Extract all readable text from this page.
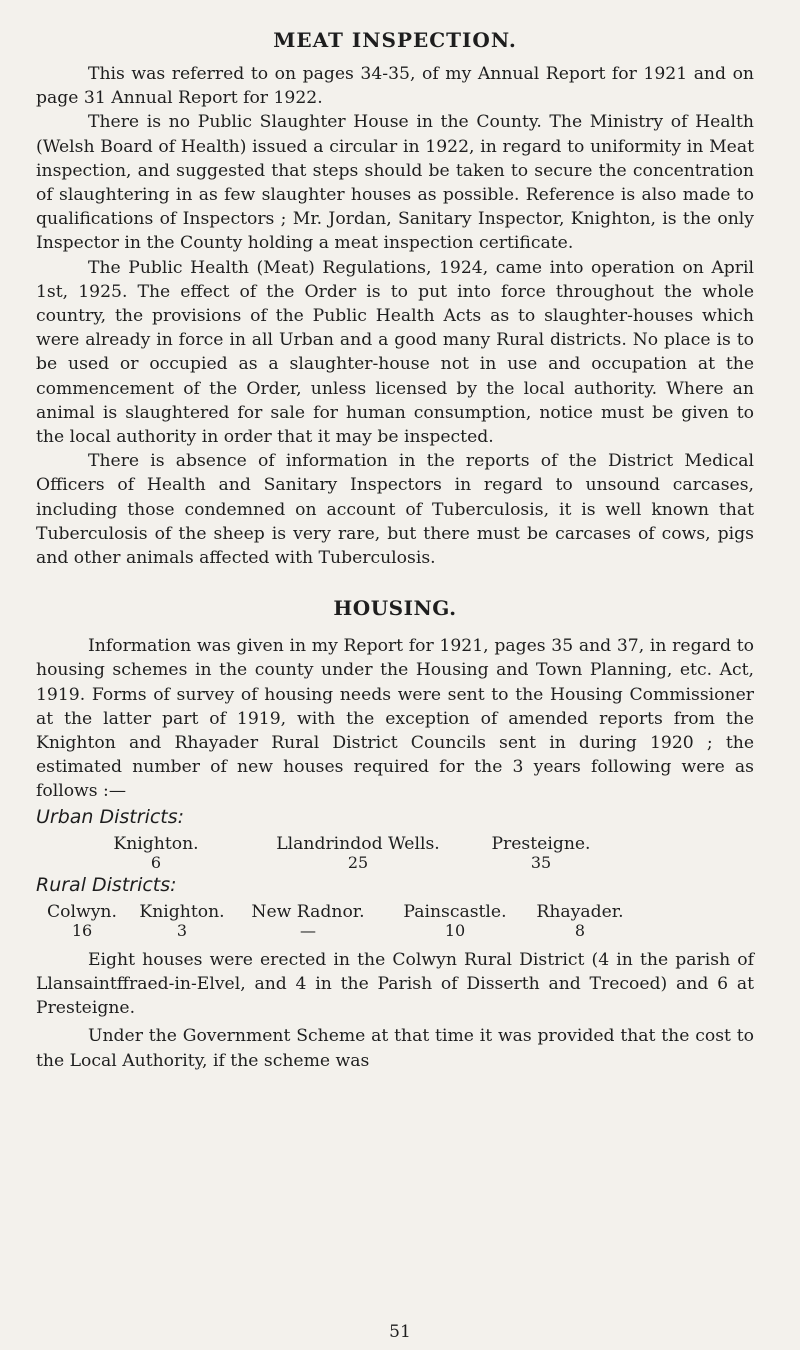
MEAT INSPECTION.

This was referred to on pages 34-35, of my Annual Report for 1921 and on page 31 Annual Report for 1922.

There is no Public Slaughter House in the County. The Ministry of Health (Welsh Board of Health) issued a circular in 1922, in regard to uniformity in Meat inspection, and suggested that steps should be taken to secure the concentration of slaughtering in as few slaughter houses as possible. Reference is also made to qualifications of Inspectors ; Mr. Jordan, Sanitary Inspector, Knighton, is the only Inspector in the County holding a meat inspection certificate.

The Public Health (Meat) Regulations, 1924, came into operation on April 1st, 1925. The effect of the Order is to put into force throughout the whole country, the provisions of the Public Health Acts as to slaughter-houses which were already in force in all Urban and a good many Rural districts. No place is to be used or occupied as a slaughter-house not in use and occupation at the commencement of the Order, unless licensed by the local authority. Where an animal is slaughtered for sale for human consumption, notice must be given to the local authority in order that it may be inspected.

There is absence of information in the reports of the District Medical Officers of Health and Sanitary Inspectors in regard to unsound carcases, including those condemned on account of Tuberculosis, it is well known that Tuberculosis of the sheep is very rare, but there must be carcases of cows, pigs and other animals affected with Tuberculosis.

HOUSING.

Information was given in my Report for 1921, pages 35 and 37, in regard to housing schemes in the county under the Housing and Town Planning, etc. Act, 1919. Forms of survey of housing needs were sent to the Housing Commissioner at the latter part of 1919, with the exception of amended reports from the Knighton and Rhayader Rural District Councils sent in during 1920 ; the estimated number of new houses required for the 3 years following were as follows :—

Urban Districts:
Knighton.	Llandrindod Wells.	Presteigne.
6	25	35
Rural Districts:
Colwyn.	Knighton.	New Radnor.	Painscastle.	Rhayader.
16	3	—	10	8

Eight houses were erected in the Colwyn Rural District (4 in the parish of Llansaintffraed-in-Elvel, and 4 in the Parish of Disserth and Trecoed) and 6 at Presteigne.

Under the Government Scheme at that time it was provided that the cost to the Local Authority, if the scheme was

51
